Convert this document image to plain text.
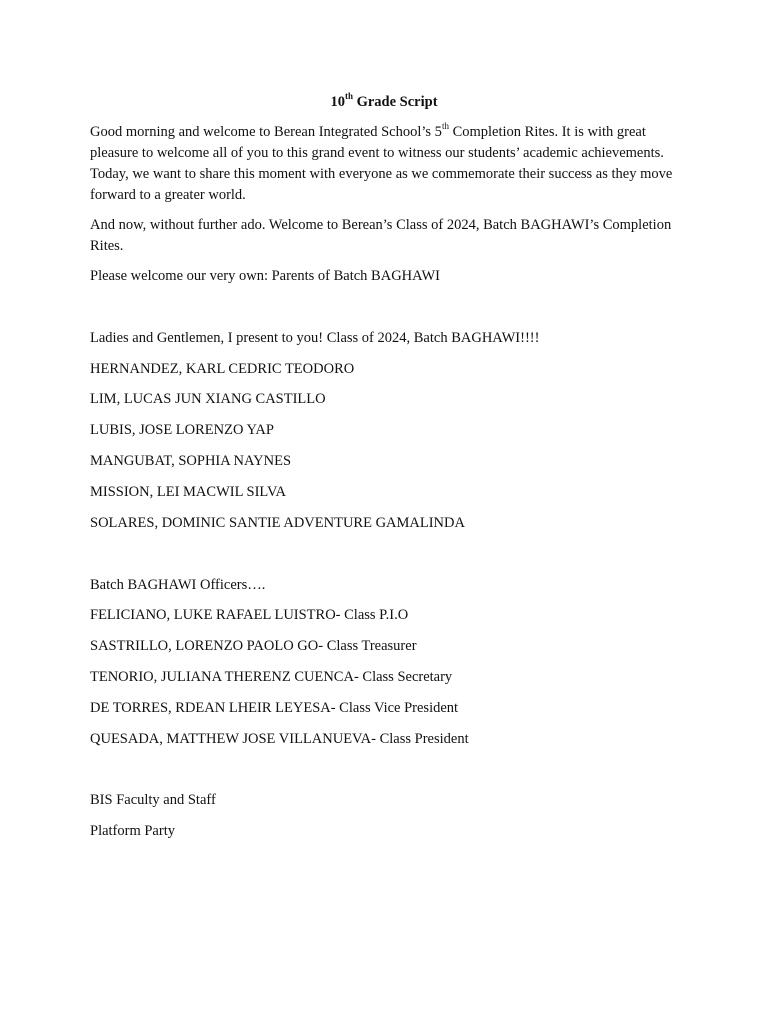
10th Grade Script

Good morning and welcome to Berean Integrated School’s 5th Completion Rites. It is with great pleasure to welcome all of you to this grand event to witness our students’ academic achievements. Today, we want to share this moment with everyone as we commemorate their success as they move forward to a greater world.

And now, without further ado. Welcome to Berean’s Class of 2024, Batch BAGHAWI’s Completion Rites.

Please welcome our very own: Parents of Batch BAGHAWI

Ladies and Gentlemen, I present to you! Class of 2024, Batch BAGHAWI!!!!

HERNANDEZ, KARL CEDRIC TEODORO

LIM, LUCAS JUN XIANG CASTILLO

LUBIS, JOSE LORENZO YAP

MANGUBAT, SOPHIA NAYNES

MISSION, LEI MACWIL SILVA

SOLARES, DOMINIC SANTIE ADVENTURE GAMALINDA

Batch BAGHAWI Officers….

FELICIANO, LUKE RAFAEL LUISTRO- Class P.I.O

SASTRILLO, LORENZO PAOLO GO- Class Treasurer

TENORIO, JULIANA THERENZ CUENCA- Class Secretary

DE TORRES, RDEAN LHEIR LEYESA- Class Vice President

QUESADA, MATTHEW JOSE VILLANUEVA- Class President

BIS Faculty and Staff

Platform Party
